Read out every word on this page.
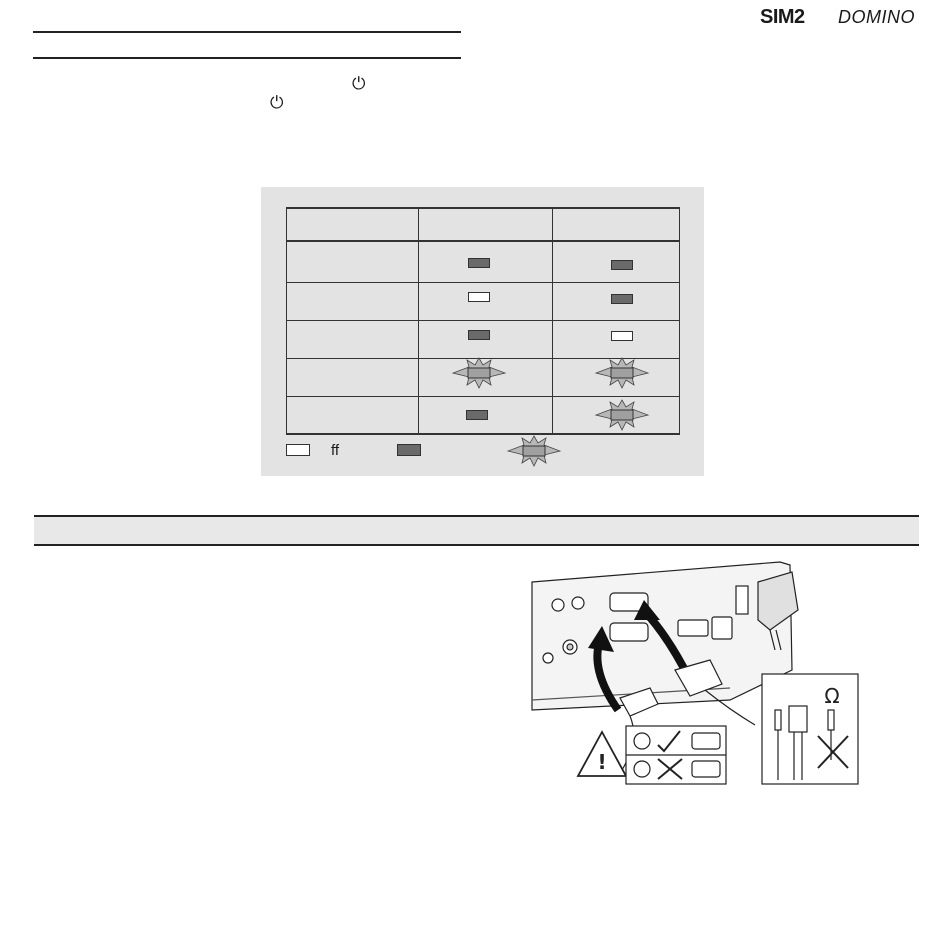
SIM2 DOMINO
⏻
⏻
ff
!
Ω
